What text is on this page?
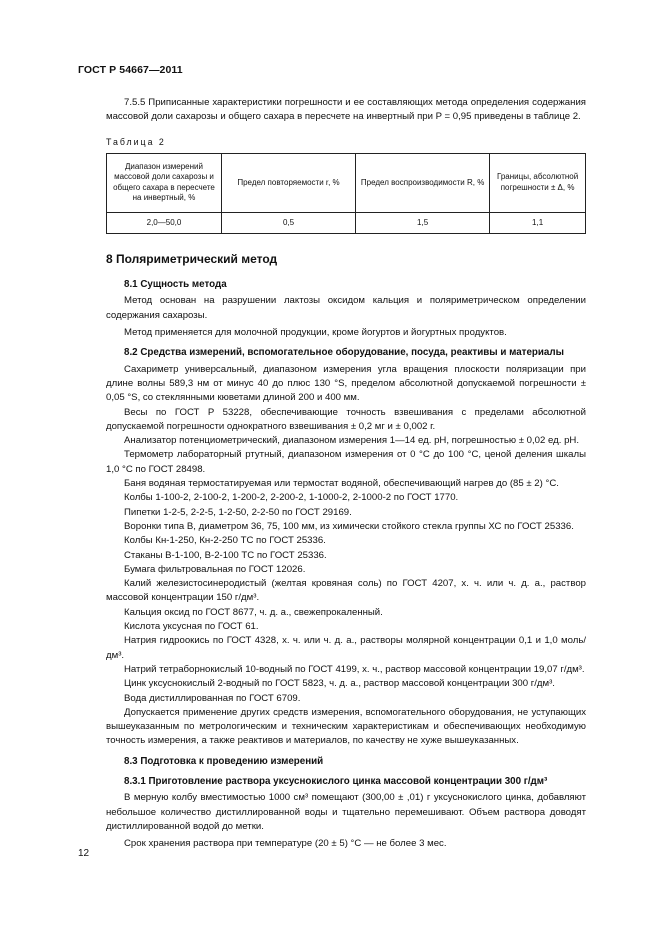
ГОСТ Р 54667—2011

7.5.5 Приписанные характеристики погрешности и ее составляющих метода определения содержания массовой доли сахарозы и общего сахара в пересчете на инвертный при P = 0,95 приведены в таблице 2.

Таблица 2
Диапазон измерений массовой доли сахарозы и общего сахара в пересчете на инвертный, %	Предел повторяемости r, %	Предел воспроизводимости R, %	Границы, абсолютной погрешности ± Δ, %
2,0—50,0	0,5	1,5	1,1
8 Поляриметрический метод
8.1 Сущность метода

Метод основан на разрушении лактозы оксидом кальция и поляриметрическом определении содержания сахарозы.

Метод применяется для молочной продукции, кроме йогуртов и йогуртных продуктов.

8.2 Средства измерений, вспомогательное оборудование, посуда, реактивы и материалы

Сахариметр универсальный, диапазоном измерения угла вращения плоскости поляризации при длине волны 589,3 нм от минус 40 до плюс 130 °S, пределом абсолютной допускаемой погрешности ± 0,05 °S, со стеклянными кюветами длиной 200 и 400 мм.

Весы по ГОСТ Р 53228, обеспечивающие точность взвешивания с пределами абсолютной допускаемой погрешности однократного взвешивания ± 0,2 мг и ± 0,002 г.

Анализатор потенциометрический, диапазоном измерения 1—14 ед. pH, погрешностью ± 0,02 ед. pH.

Термометр лабораторный ртутный, диапазоном измерения от 0 °С до 100 °С, ценой деления шкалы 1,0 °С по ГОСТ 28498.

Баня водяная термостатируемая или термостат водяной, обеспечивающий нагрев до (85 ± 2) °С.

Колбы 1-100-2, 2-100-2, 1-200-2, 2-200-2, 1-1000-2, 2-1000-2 по ГОСТ 1770.

Пипетки 1-2-5, 2-2-5, 1-2-50, 2-2-50 по ГОСТ 29169.

Воронки типа В, диаметром 36, 75, 100 мм, из химически стойкого стекла группы ХС по ГОСТ 25336.

Колбы Кн-1-250, Кн-2-250 ТС по ГОСТ 25336.

Стаканы В-1-100, В-2-100 ТС по ГОСТ 25336.

Бумага фильтровальная по ГОСТ 12026.

Калий железистосинеродистый (желтая кровяная соль) по ГОСТ 4207, х. ч. или ч. д. а., раствор массовой концентрации 150 г/дм³.

Кальция оксид по ГОСТ 8677, ч. д. а., свежепрокаленный.

Кислота уксусная по ГОСТ 61.

Натрия гидроокись по ГОСТ 4328, х. ч. или ч. д. а., растворы молярной концентрации 0,1 и 1,0 моль/дм³.

Натрий тетраборнокислый 10-водный по ГОСТ 4199, х. ч., раствор массовой концентрации 19,07 г/дм³.

Цинк уксуснокислый 2-водный по ГОСТ 5823, ч. д. а., раствор массовой концентрации 300 г/дм³.

Вода дистиллированная по ГОСТ 6709.

Допускается применение других средств измерения, вспомогательного оборудования, не уступающих вышеуказанным по метрологическим и техническим характеристикам и обеспечивающих необходимую точность измерения, а также реактивов и материалов, по качеству не хуже вышеуказанных.

8.3 Подготовка к проведению измерений
8.3.1 Приготовление раствора уксуснокислого цинка массовой концентрации 300 г/дм³

В мерную колбу вместимостью 1000 см³ помещают (300,00 ± ,01) г уксуснокислого цинка, добавляют небольшое количество дистиллированной воды и тщательно перемешивают. Объем раствора доводят дистиллированной водой до метки.

Срок хранения раствора при температуре (20 ± 5) °С — не более 3 мес.

12
